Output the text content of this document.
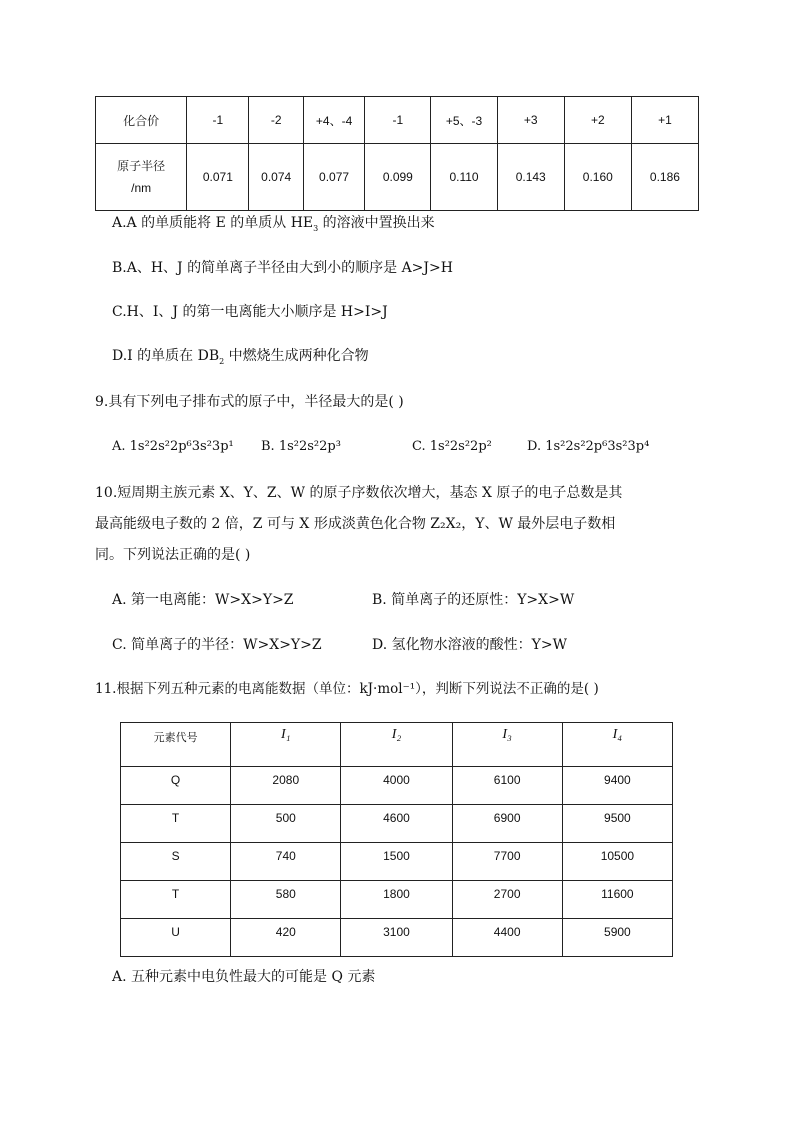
化合价	-1	-2	+4、-4	-1	+5、-3	+3	+2	+1

原子半径
/nm	0.071	0.074	0.077	0.099	0.110	0.143	0.160	0.186
A.A 的单质能将 E 的单质从 $HE_3$ 的溶液中置换出来
B.A、H、J 的简单离子半径由大到小的顺序是 A>J>H
C.H、I、J 的第一电离能大小顺序是 H>I>J
D.I 的单质在 $DB_2$ 中燃烧生成两种化合物
9.具有下列电子排布式的原子中，半径最大的是( )
A. 1s²2s²2p⁶3s²3p¹ B. 1s²2s²2p³	C. 1s²2s²2p²	D. 1s²2s²2p⁶3s²3p⁴
10.短周期主族元素 X、Y、Z、W 的原子序数依次增大，基态 X 原子的电子总数是其
最高能级电子数的 2 倍，Z 可与 X 形成淡黄色化合物 Z₂X₂，Y、W 最外层电子数相
同。下列说法正确的是( )
A. 第一电离能：W>X>Y>Z	B. 简单离子的还原性：Y>X>W
C. 简单离子的半径：W>X>Y>Z	D. 氢化物水溶液的酸性：Y>W
11.根据下列五种元素的电离能数据（单位：kJ·mol⁻¹），判断下列说法不正确的是( )
元素代号	I₁	I₂	I₃	I₄
Q	2080	4000	6100	9400
T	500	4600	6900	9500
S	740	1500	7700	10500
T	580	1800	2700	11600
U	420	3100	4400	5900
A. 五种元素中电负性最大的可能是 Q 元素
